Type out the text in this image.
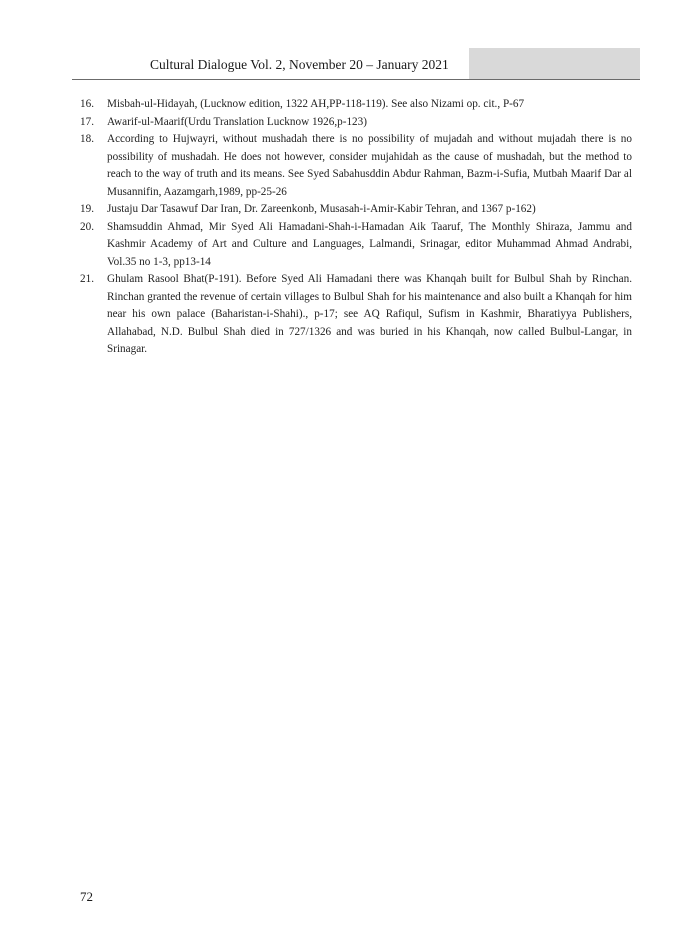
Cultural Dialogue Vol. 2, November 20 – January 2021
16.	Misbah-ul-Hidayah, (Lucknow edition, 1322 AH,PP-118-119). See also Nizami op. cit., P-67
17.	Awarif-ul-Maarif(Urdu Translation Lucknow 1926,p-123)
18.	According to Hujwayri, without mushadah there is no possibility of mujadah and without mujadah there is no possibility of mushadah. He does not however, consider mujahidah as the cause of mushadah, but the method to reach to the way of truth and its means. See Syed Sabahusddin Abdur Rahman, Bazm-i-Sufia, Mutbah Maarif Dar al Musannifin, Aazamgarh,1989, pp-25-26
19.	Justaju Dar Tasawuf Dar Iran, Dr. Zareenkonb, Musasah-i-Amir-Kabir Tehran, and 1367 p-162)
20.	Shamsuddin Ahmad, Mir Syed Ali Hamadani-Shah-i-Hamadan Aik Taaruf, The Monthly Shiraza, Jammu and Kashmir Academy of Art and Culture and Languages, Lalmandi, Srinagar, editor Muhammad Ahmad Andrabi, Vol.35 no 1-3, pp13-14
21.	Ghulam Rasool Bhat(P-191). Before Syed Ali Hamadani there was Khanqah built for Bulbul Shah by Rinchan. Rinchan granted the revenue of certain villages to Bulbul Shah for his maintenance and also built a Khanqah for him near his own palace (Baharistan-i-Shahi)., p-17; see AQ Rafiqul, Sufism in Kashmir, Bharatiyya Publishers, Allahabad, N.D. Bulbul Shah died in 727/1326 and was buried in his Khanqah, now called Bulbul-Langar, in Srinagar.
72
